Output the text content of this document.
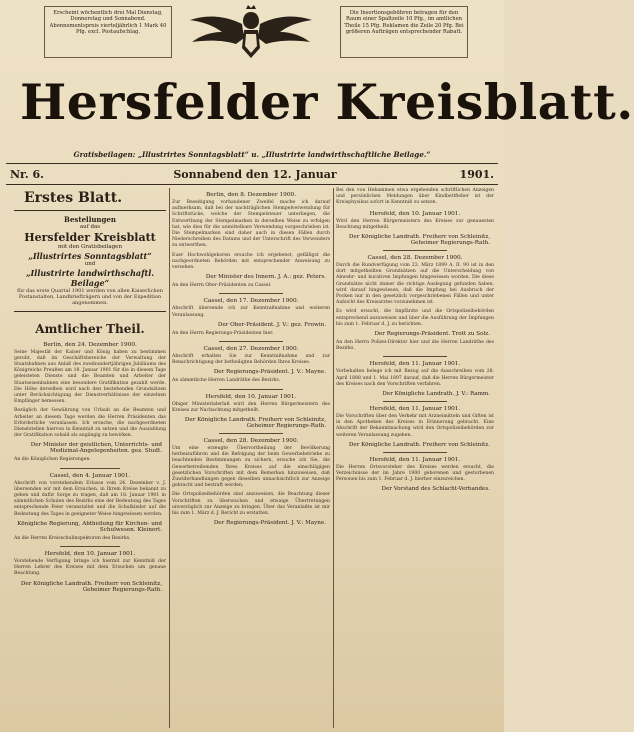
Erscheint wöchentlich drei Mal Dienstag, Donnerstag und Sonnabend. Abonnementspreis vierteljährlich 1 Mark 40 Pfg. excl. Postaufschlag.
Die Insertionsgebühren betragen für den Raum einer Spaltzeile 10 Pfg., im amtlichen Theile 15 Pfg. Reklamen die Zeile 20 Pfg. Bei größeren Aufträgen entsprechender Rabatt.
Hersfelder Kreisblatt.
Gratisbeilagen: „Illustrirtes Sonntagsblatt“ u. „Illustrirte landwirthschaftliche Beilage.“
Nr. 6.	Sonnabend den 12. Januar	1901.
Erstes Blatt.
Bestellungen
auf das
Hersfelder Kreisblatt
mit den Gratisbeilagen
„Illustrirtes Sonntagsblatt“
und
„Illustrirte landwirthschaftl. Beilage“
für das erste Quartal 1901 werden von allen Kaiserlichen Postanstalten, Landbriefträgern und von der Expedition angenommen.
Amtlicher Theil.
Berlin, den 24. Dezember 1900.

Seine Majestät der Kaiser und König haben zu bestimmen geruht, daß im Geschäftsbereiche der Verwaltung der Staatsbahnen aus Anlaß des zweihundertjährigen Jubiläums des Königreichs Preußen am 18. Januar 1901 für die in diesem Tage geleisteten Dienste und die Beamten und Arbeiter der Staatseisenbahnen eine besondere Gratifikation gezahlt werde. Die Höhe derselben wird nach den bestehenden Grundsätzen unter Berücksichtigung der Dienstverhältnisse der einzelnen Empfänger bemessen.

Bezüglich der Gewährung von Urlaub an die Beamten und Arbeiter an diesem Tage werden die Herren Präsidenten das Erforderliche veranlassen. Ich ersuche, die nachgeordneten Dienststellen hiervon in Kenntniß zu setzen und die Auszahlung der Gratifikation sobald als angängig zu bewirken.

Der Minister der geistlichen, Unterrichts- und Medizinal-Angelegenheiten. gez. Studt.
An die Königlichen Regierungen.
Cassel, den 4. Januar 1901.

Abschrift von vorstehendem Erlasse vom 24. Dezember v. J. übersenden wir mit dem Ersuchen, in Ihrem Kreise bekannt zu geben und dafür Sorge zu tragen, daß am 18. Januar 1901 in sämmtlichen Schulen des Bezirks eine der Bedeutung des Tages entsprechende Feier veranstaltet und die Schulkinder auf die Bedeutung des Tages in geeigneter Weise hingewiesen werden.

Königliche Regierung, Abtheilung für Kirchen- und Schulwesen. Kleinert.
An die Herren Kreisschulinspektoren des Bezirks.
Hersfeld, den 10. Januar 1901.

Vorstehende Verfügung bringe ich hiermit zur Kenntniß der Herren Lehrer des Kreises mit dem Ersuchen um genaue Beachtung.

Der Königliche Landrath. Freiherr von Schleinitz, Geheimer Regierungs-Rath.
Berlin, den 8. Dezember 1900.

Zur Beseitigung vorhandener Zweifel mache ich darauf aufmerksam, daß bei der nachträglichen Stempelverwendung für Schriftstücke, welche der Stempelsteuer unterliegen, die Entwerthung der Stempelmarken in derselben Weise zu erfolgen hat, wie dies für die unmittelbare Verwendung vorgeschrieben ist. Die Stempelmarken sind daher auch in diesen Fällen durch Niederschreiben des Datums und der Unterschrift des Verwenders zu entwerthen.

Euer Hochwohlgeboren ersuche ich ergebenst, gefälligst die nachgeordneten Behörden mit entsprechender Anweisung zu versehen.

Der Minister des Innern. J. A.: gez. Peters.
An den Herrn Ober-Präsidenten zu Cassel.
Cassel, den 17. Dezember 1900.

Abschrift übersende ich zur Kenntnißnahme und weiteren Veranlassung.

Der Ober-Präsident. J. V.: gez. Frowin.
An den Herrn Regierungs-Präsidenten hier.
Cassel, den 27. Dezember 1900.

Abschrift erhalten Sie zur Kenntnißnahme und zur Benachrichtigung der betheiligten Behörden Ihres Kreises.

Der Regierungs-Präsident. J. V.: Mayne.
An sämmtliche Herren Landräthe des Bezirks.
Hersfeld, den 10. Januar 1901.

Obiger Ministerialerlaß wird den Herren Bürgermeistern des Kreises zur Nachachtung mitgetheilt.

Der Königliche Landrath. Freiherr von Schleinitz, Geheimer Regierungs-Rath.
Cassel, den 28. Dezember 1900.

Um eine erzeugte Übervortheilung der Bevölkerung herbeizuführen und die Befolgung der beim Gewerbebetriebe zu beachtenden Bestimmungen zu sichern, ersuche ich Sie, die Gewerbetreibenden Ihres Kreises auf die einschlägigen gesetzlichen Vorschriften mit dem Bemerken hinzuweisen, daß Zuwiderhandlungen gegen dieselben unnachsichtlich zur Anzeige gebracht und bestraft werden.

Die Ortspolizeibehörden sind anzuweisen, die Beachtung dieser Vorschriften zu überwachen und etwaige Übertretungen unverzüglich zur Anzeige zu bringen. Über das Veranlaßte ist mir bis zum 1. März d. J. Bericht zu erstatten.

Der Regierungs-Präsident. J. V.: Mayne.

Bei den von Hebammen etwa ergehenden schriftlichen Anzeigen und persönlichen Meldungen über Kindbettfieber ist der Kreisphysikus sofort in Kenntniß zu setzen.

Hersfeld, den 10. Januar 1901.

Wird den Herren Bürgermeistern des Kreises zur genauesten Beachtung mitgetheilt.

Der Königliche Landrath. Freiherr von Schleinitz, Geheimer Regierungs-Rath.
Cassel, den 28. Dezember 1900.

Durch die Rundverfügung vom 23. März 1899 A. II. 90 ist in den dort mitgetheilten Grundsätzen auf die Unterscheidung von Abwehr- und kurativen Impfungen hingewiesen worden. Die diese Grundsätze nicht immer die richtige Auslegung gefunden haben, wird darauf hingewiesen, daß die Impfung bei Ausbruch der Pocken nur in den gesetzlich vorgeschriebenen Fällen und unter Aufsicht des Kreisarztes vorzunehmen ist.

Es wird ersucht, die Impfärzte und die Ortspolizeibehörden entsprechend anzuweisen und über die Ausführung der Impfungen bis zum 1. Februar d. J. zu berichten.

Der Regierungs-Präsident. Trott zu Solz.
An den Herrn Polizei-Direktor hier und die Herren Landräthe des Bezirks.
Hersfeld, den 11. Januar 1901.

Vorbehalten belege ich mit Bezug auf die Ausschreiben vom 28. April 1888 und 1. Mai 1897 darauf, daß die Herren Bürgermeister des Kreises nach den Vorschriften verfahren.

Der Königliche Landrath. J. V.: Ramm.
Hersfeld, den 11. Januar 1901.

Die Vorschriften über den Verkehr mit Arzneimitteln und Giften ist in den Apotheken des Kreises in Erinnerung gebracht. Eine Abschrift der Bekanntmachung wird den Ortspolizeibehörden zur weiteren Veranlassung zugehen.

Der Königliche Landrath. Freiherr von Schleinitz.
Hersfeld, den 11. Januar 1901.

Die Herren Ortsvorsteher des Kreises werden ersucht, die Verzeichnisse der im Jahre 1900 geborenen und gestorbenen Personen bis zum 1. Februar d. J. hierher einzureichen.

Der Vorstand des Schlacht-Verbandes.
